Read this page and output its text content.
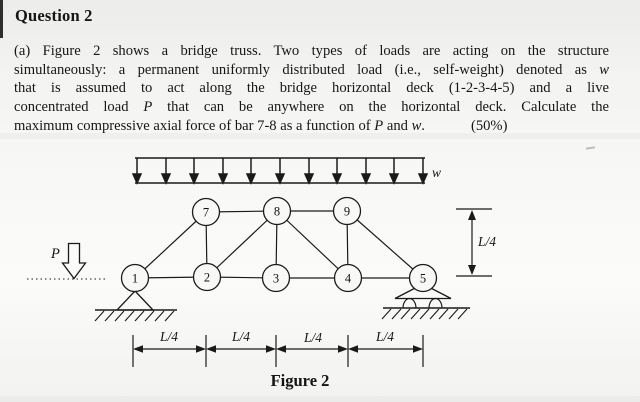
Question 2
(a) Figure 2 shows a bridge truss. Two types of loads are acting on the structure
simultaneously: a permanent uniformly distributed load (i.e., self-weight) denoted as w
that is assumed to act along the bridge horizontal deck (1-2-3-4-5) and a live
concentrated load P that can be anywhere on the horizontal deck. Calculate the
maximum compressive axial force of bar 7-8 as a function of P and w.	(50%)
w
1	2	3	4	5
7	8	9
P
L/4
L/4	L/4	L/4	L/4
Figure 2
